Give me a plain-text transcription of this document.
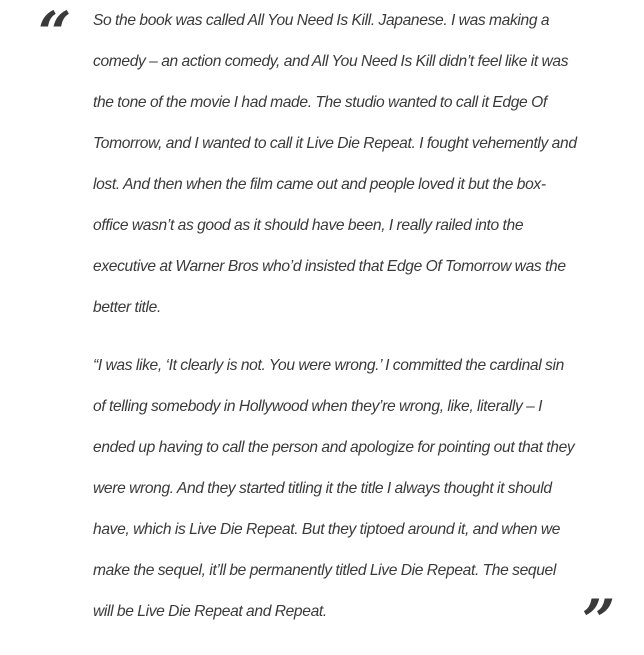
“ So the book was called All You Need Is Kill. Japanese. I was making a comedy – an action comedy, and All You Need Is Kill didn’t feel like it was the tone of the movie I had made. The studio wanted to call it Edge Of Tomorrow, and I wanted to call it Live Die Repeat. I fought vehemently and lost. And then when the film came out and people loved it but the box-office wasn’t as good as it should have been, I really railed into the executive at Warner Bros who’d insisted that Edge Of Tomorrow was the better title.

“I was like, ‘It clearly is not. You were wrong.’ I committed the cardinal sin of telling somebody in Hollywood when they’re wrong, like, literally – I ended up having to call the person and apologize for pointing out that they were wrong. And they started titling it the title I always thought it should have, which is Live Die Repeat. But they tiptoed around it, and when we make the sequel, it’ll be permanently titled Live Die Repeat. The sequel will be Live Die Repeat and Repeat.	”
